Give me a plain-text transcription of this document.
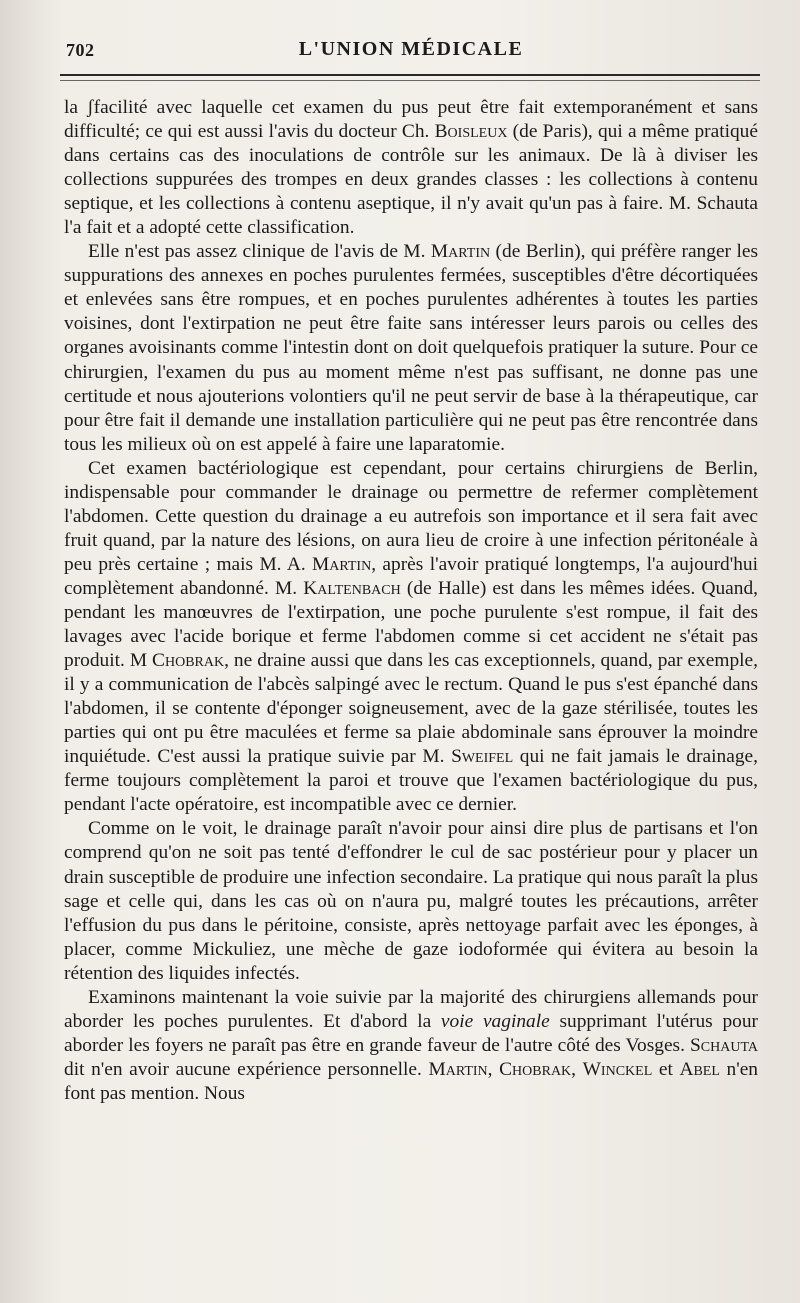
702	L'UNION MÉDICALE

la ʃfacilité avec laquelle cet examen du pus peut être fait extemporanément et sans difficulté; ce qui est aussi l'avis du docteur Ch. Boisleux (de Paris), qui a même pratiqué dans certains cas des inoculations de contrôle sur les animaux. De là à diviser les collections suppurées des trompes en deux grandes classes : les collections à contenu septique, et les collections à contenu aseptique, il n'y avait qu'un pas à faire. M. Schauta l'a fait et a adopté cette classification.

Elle n'est pas assez clinique de l'avis de M. Martin (de Berlin), qui préfère ranger les suppurations des annexes en poches purulentes fermées, susceptibles d'être décortiquées et enlevées sans être rompues, et en poches purulentes adhérentes à toutes les parties voisines, dont l'extirpation ne peut être faite sans intéresser leurs parois ou celles des organes avoisinants comme l'intestin dont on doit quelquefois pratiquer la suture. Pour ce chirurgien, l'examen du pus au moment même n'est pas suffisant, ne donne pas une certitude et nous ajouterions volontiers qu'il ne peut servir de base à la thérapeutique, car pour être fait il demande une installation particulière qui ne peut pas être rencontrée dans tous les milieux où on est appelé à faire une laparatomie.

Cet examen bactériologique est cependant, pour certains chirurgiens de Berlin, indispensable pour commander le drainage ou permettre de refermer complètement l'abdomen. Cette question du drainage a eu autrefois son importance et il sera fait avec fruit quand, par la nature des lésions, on aura lieu de croire à une infection péritonéale à peu près certaine ; mais M. A. Martin, après l'avoir pratiqué longtemps, l'a aujourd'hui complètement abandonné. M. Kaltenbach (de Halle) est dans les mêmes idées. Quand, pendant les manœuvres de l'extirpation, une poche purulente s'est rompue, il fait des lavages avec l'acide borique et ferme l'abdomen comme si cet accident ne s'était pas produit. M Chobrak, ne draine aussi que dans les cas exceptionnels, quand, par exemple, il y a communication de l'abcès salpingé avec le rectum. Quand le pus s'est épanché dans l'abdomen, il se contente d'éponger soigneusement, avec de la gaze stérilisée, toutes les parties qui ont pu être maculées et ferme sa plaie abdominale sans éprouver la moindre inquiétude. C'est aussi la pratique suivie par M. Sweifel qui ne fait jamais le drainage, ferme toujours complètement la paroi et trouve que l'examen bactériologique du pus, pendant l'acte opératoire, est incompatible avec ce dernier.

Comme on le voit, le drainage paraît n'avoir pour ainsi dire plus de partisans et l'on comprend qu'on ne soit pas tenté d'effondrer le cul de sac postérieur pour y placer un drain susceptible de produire une infection secondaire. La pratique qui nous paraît la plus sage et celle qui, dans les cas où on n'aura pu, malgré toutes les précautions, arrêter l'effusion du pus dans le péritoine, consiste, après nettoyage parfait avec les éponges, à placer, comme Mickuliez, une mèche de gaze iodoformée qui évitera au besoin la rétention des liquides infectés.

Examinons maintenant la voie suivie par la majorité des chirurgiens allemands pour aborder les poches purulentes. Et d'abord la voie vaginale supprimant l'utérus pour aborder les foyers ne paraît pas être en grande faveur de l'autre côté des Vosges. Schauta dit n'en avoir aucune expérience personnelle. Martin, Chobrak, Winckel et Abel n'en font pas mention. Nous
